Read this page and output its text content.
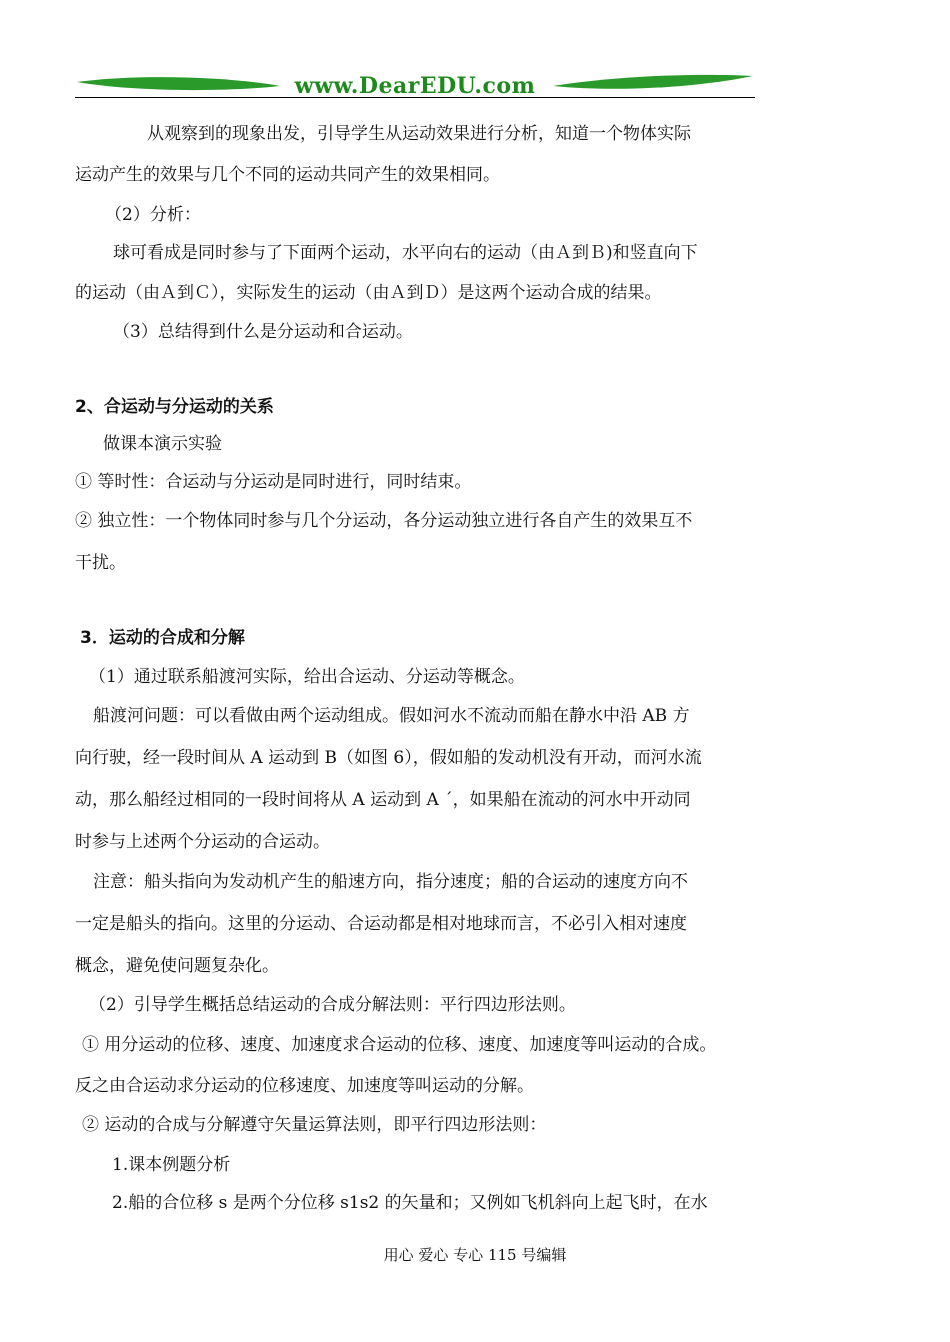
www.DearEDU.com
从观察到的现象出发，引导学生从运动效果进行分析，知道一个物体实际
运动产生的效果与几个不同的运动共同产生的效果相同。
（2）分析：
球可看成是同时参与了下面两个运动，水平向右的运动（由Ａ到Ｂ)和竖直向下
的运动（由Ａ到Ｃ），实际发生的运动（由Ａ到Ｄ）是这两个运动合成的结果。
（3）总结得到什么是分运动和合运动。
2、合运动与分运动的关系
做课本演示实验
① 等时性：合运动与分运动是同时进行，同时结束。
② 独立性：一个物体同时参与几个分运动，各分运动独立进行各自产生的效果互不
干扰。
3．运动的合成和分解
（1）通过联系船渡河实际，给出合运动、分运动等概念。
船渡河问题：可以看做由两个运动组成。假如河水不流动而船在静水中沿 AB 方
向行驶，经一段时间从 A 运动到 B（如图 6），假如船的发动机没有开动，而河水流
动，那么船经过相同的一段时间将从 A 运动到 A ˊ，如果船在流动的河水中开动同
时参与上述两个分运动的合运动。
注意：船头指向为发动机产生的船速方向，指分速度；船的合运动的速度方向不
一定是船头的指向。这里的分运动、合运动都是相对地球而言，不必引入相对速度
概念，避免使问题复杂化。
（2）引导学生概括总结运动的合成分解法则：平行四边形法则。
① 用分运动的位移、速度、加速度求合运动的位移、速度、加速度等叫运动的合成。
反之由合运动求分运动的位移速度、加速度等叫运动的分解。
② 运动的合成与分解遵守矢量运算法则，即平行四边形法则：
1.课本例题分析
2.船的合位移 s 是两个分位移 s1s2 的矢量和；又例如飞机斜向上起飞时，在水
用心 爱心 专心 115 号编辑
